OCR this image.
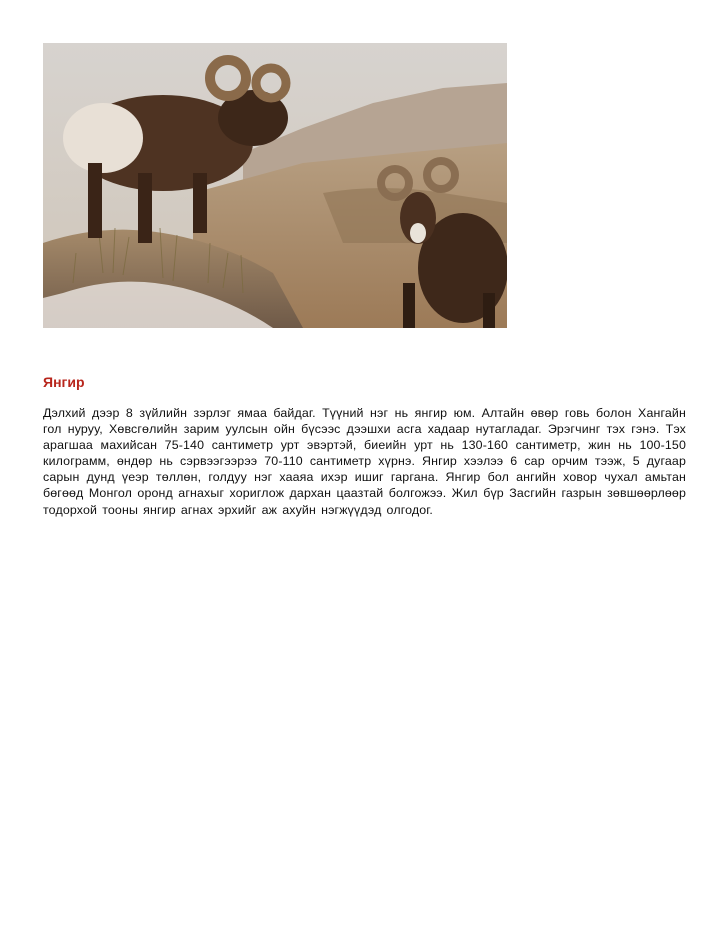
Янгир

Дэлхий дээр 8 зүйлийн зэрлэг ямаа байдаг. Түүний нэг нь янгир юм. Алтайн өвөр говь болон Хангайн гол нуруу, Хөвсгөлийн зарим уулсын ойн бүсээс дээшхи асга хадаар нутагладаг. Эрэгчинг тэх гэнэ. Тэх арагшаа махийсан 75-140 сантиметр урт эвэртэй, биеийн урт нь 130-160 сантиметр, жин нь 100-150 килограмм, өндөр нь сэрвээгээрээ 70-110 сантиметр хүрнэ. Янгир хээлээ 6 сар орчим тээж, 5 дугаар сарын дунд үеэр төллөн, голдуу нэг хааяа ихэр ишиг гаргана. Янгир бол ангийн ховор чухал амьтан бөгөөд Монгол оронд агнахыг хориглож дархан цаазтай болгожээ. Жил бүр Засгийн газрын зөвшөөрлөөр тодорхой тооны янгир агнах эрхийг аж ахуйн нэгжүүдэд олгодог.
